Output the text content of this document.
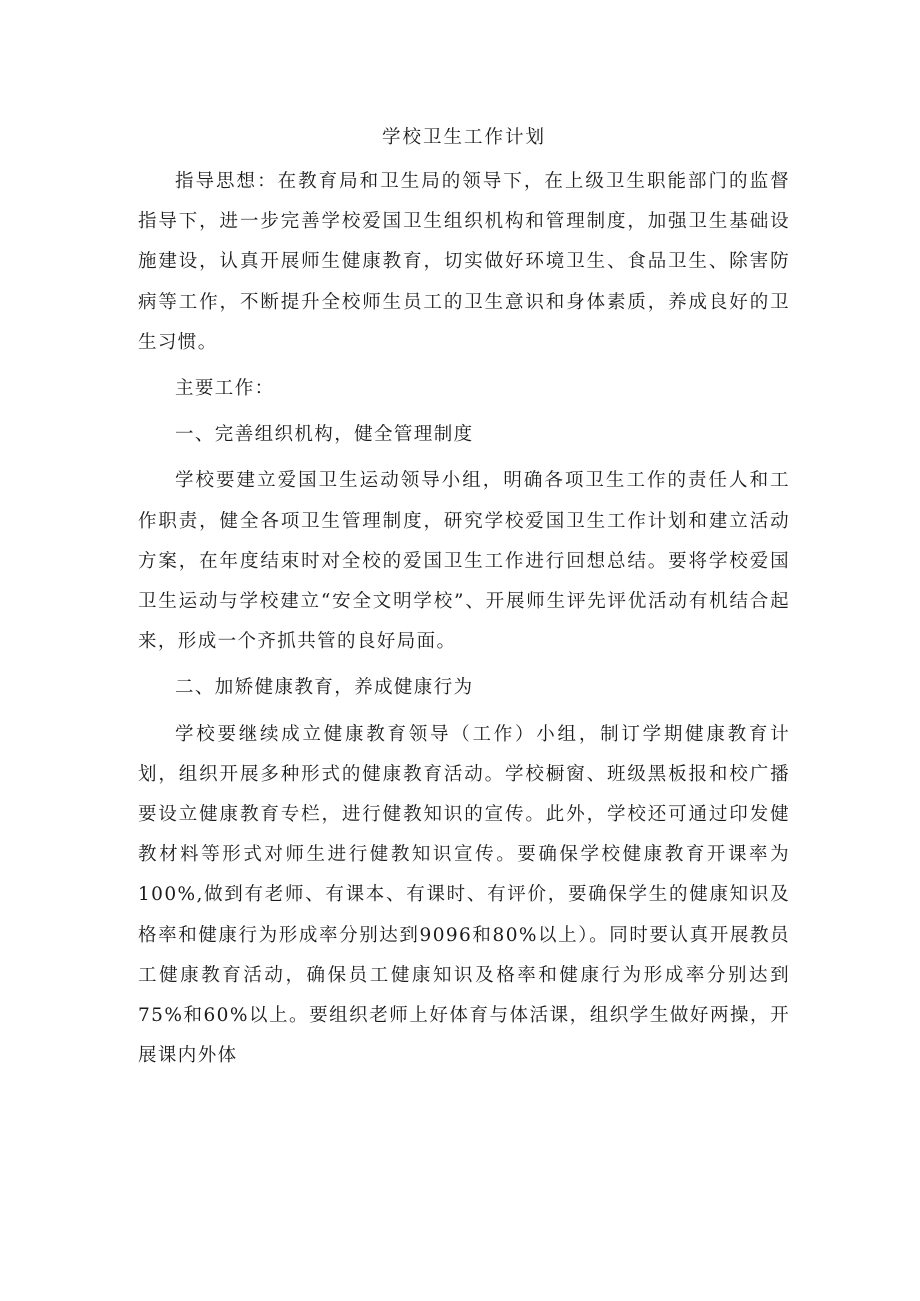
学校卫生工作计划

指导思想：在教育局和卫生局的领导下，在上级卫生职能部门的监督指导下，进一步完善学校爱国卫生组织机构和管理制度，加强卫生基础设施建设，认真开展师生健康教育，切实做好环境卫生、食品卫生、除害防病等工作，不断提升全校师生员工的卫生意识和身体素质，养成良好的卫生习惯。

主要工作：

一、完善组织机构，健全管理制度

学校要建立爱国卫生运动领导小组，明确各项卫生工作的责任人和工作职责，健全各项卫生管理制度，研究学校爱国卫生工作计划和建立活动方案，在年度结束时对全校的爱国卫生工作进行回想总结。要将学校爱国卫生运动与学校建立“安全文明学校”、开展师生评先评优活动有机结合起来，形成一个齐抓共管的良好局面。

二、加矫健康教育，养成健康行为

学校要继续成立健康教育领导（工作）小组，制订学期健康教育计划，组织开展多种形式的健康教育活动。学校橱窗、班级黑板报和校广播要设立健康教育专栏，进行健教知识的宣传。此外，学校还可通过印发健教材料等形式对师生进行健教知识宣传。要确保学校健康教育开课率为100%,做到有老师、有课本、有课时、有评价，要确保学生的健康知识及格率和健康行为形成率分别达到9096和80%以上）。同时要认真开展教员工健康教育活动，确保员工健康知识及格率和健康行为形成率分别达到75%和60%以上。要组织老师上好体育与体活课，组织学生做好两操，开展课内外体
